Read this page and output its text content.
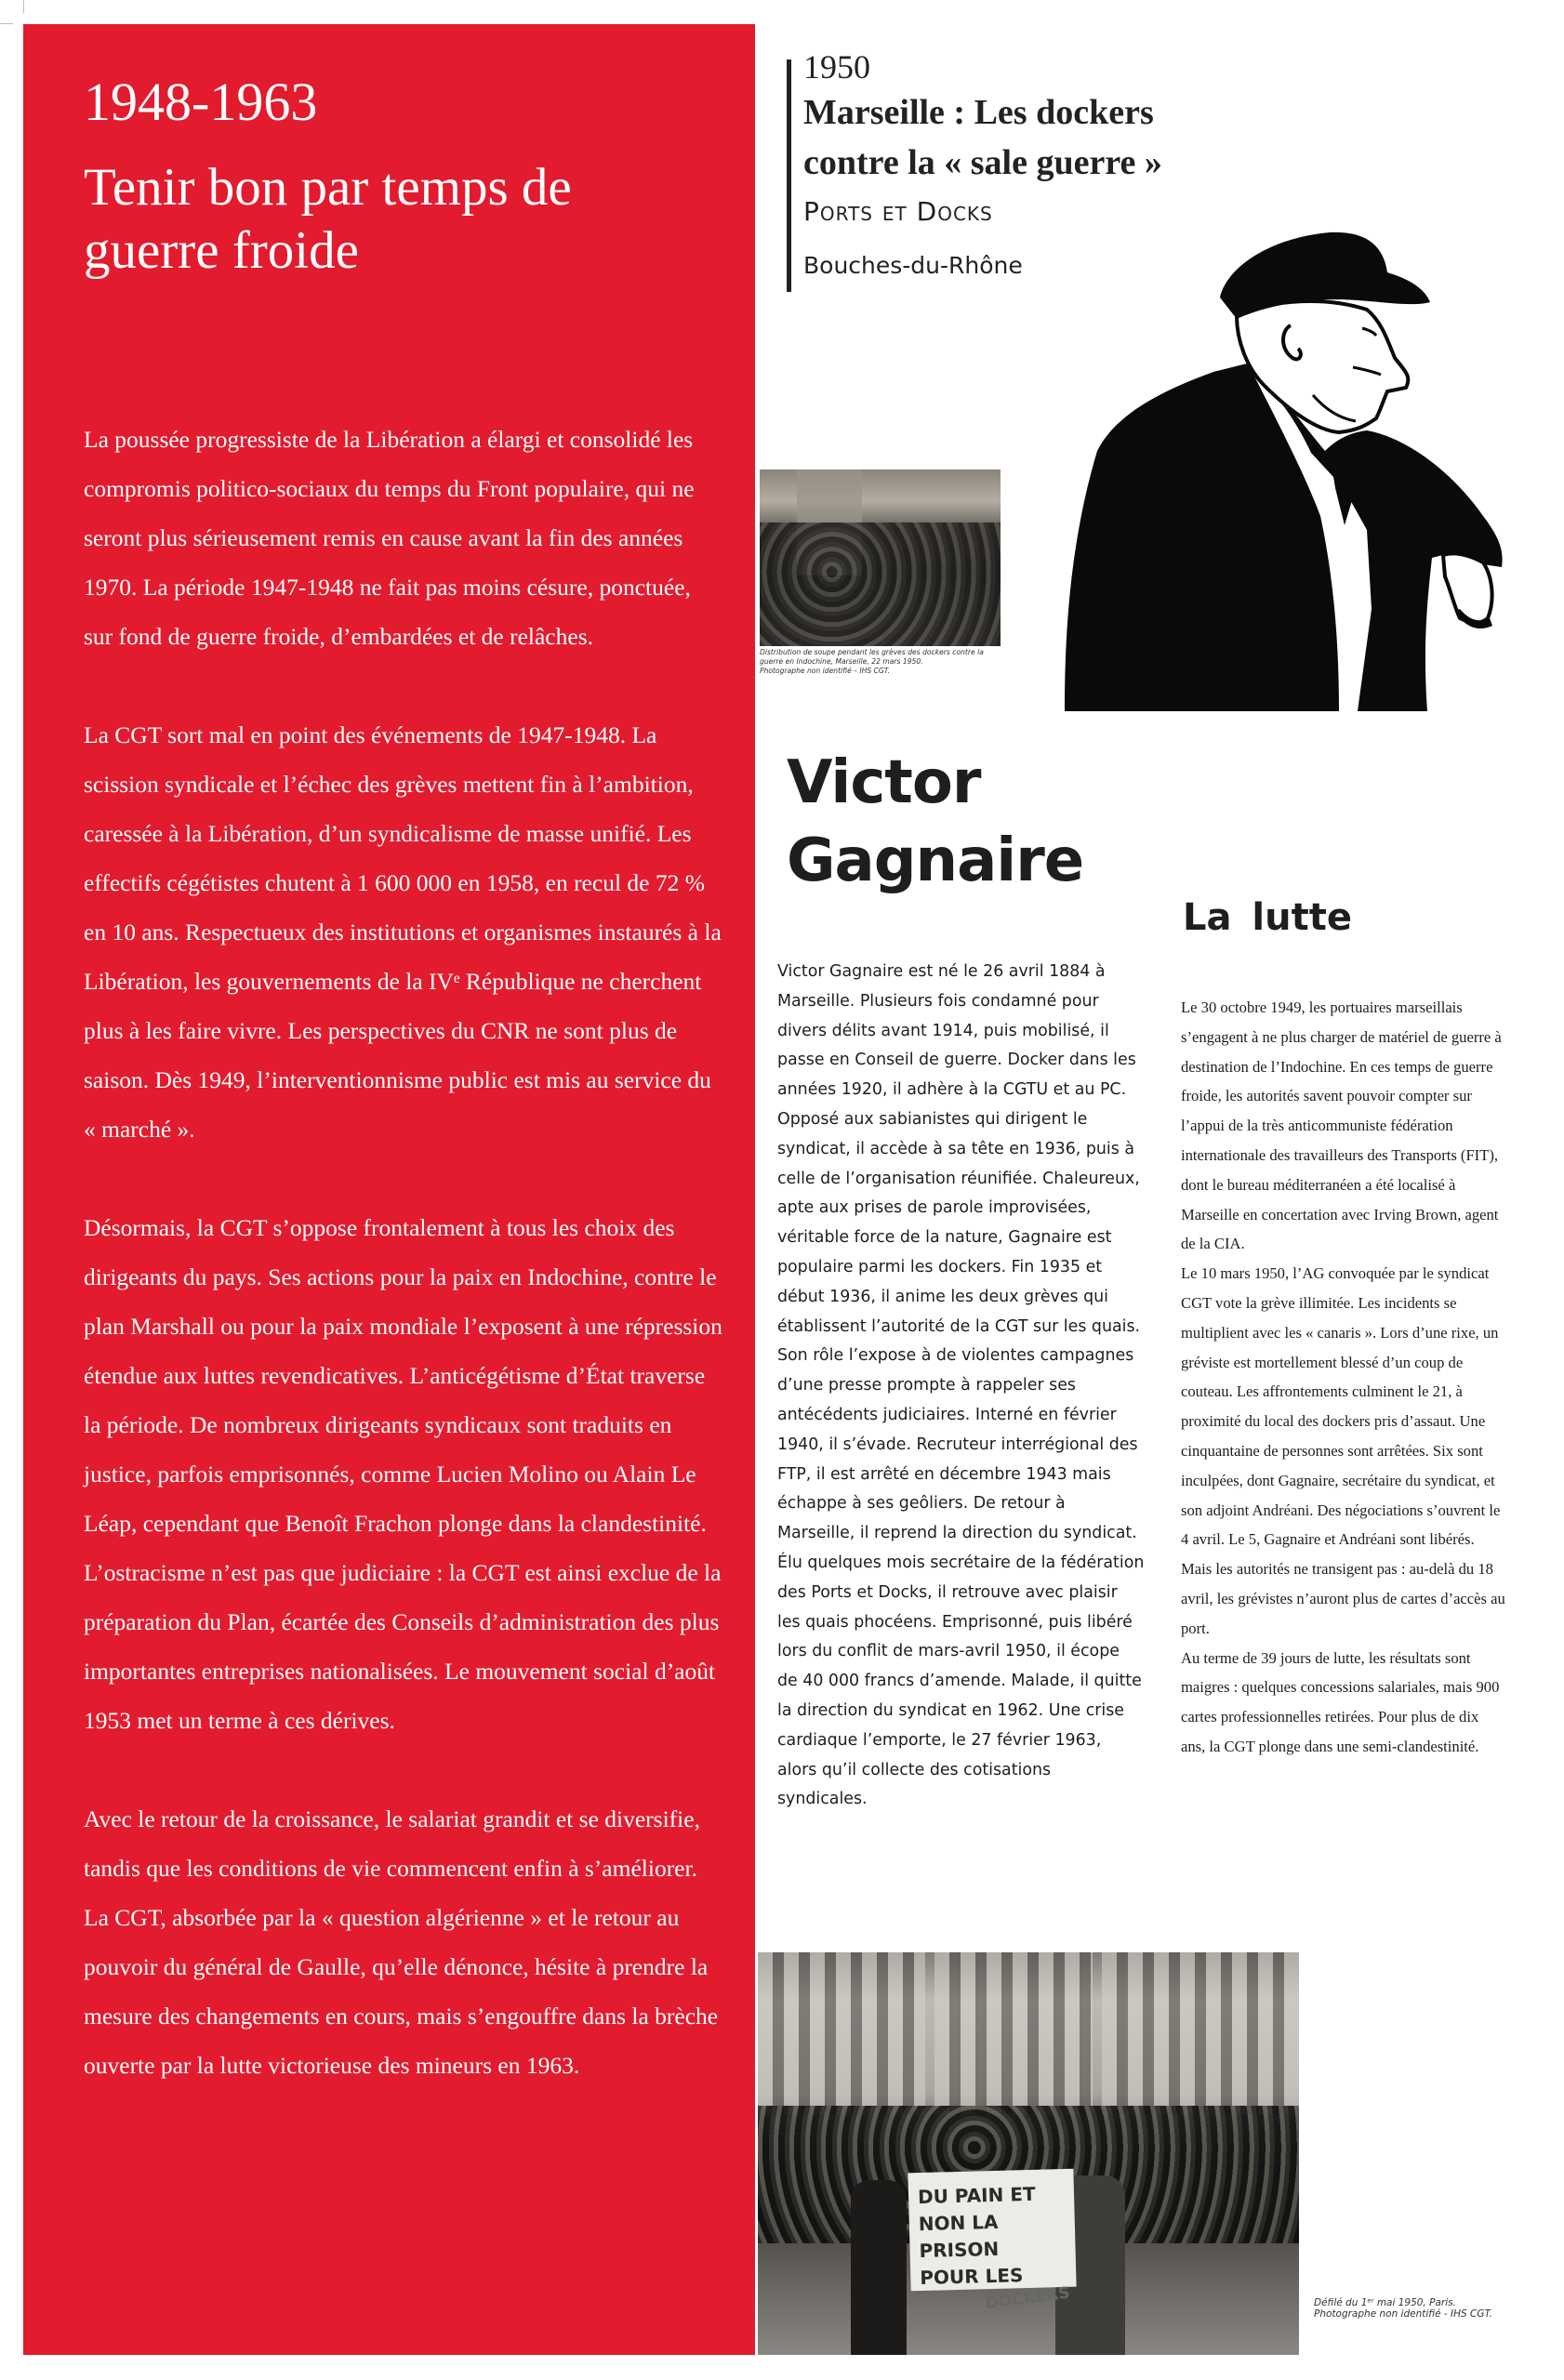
1948-1963
Tenir bon par temps de guerre froide

La poussée progressiste de la Libération a élargi et consolidé les compromis politico-sociaux du temps du Front populaire, qui ne seront plus sérieusement remis en cause avant la fin des années 1970. La période 1947-1948 ne fait pas moins césure, ponctuée, sur fond de guerre froide, d’embardées et de relâches.

La CGT sort mal en point des événements de 1947-1948. La scission syndicale et l’échec des grèves mettent fin à l’ambition, caressée à la Libération, d’un syndicalisme de masse unifié. Les effectifs cégétistes chutent à 1 600 000 en 1958, en recul de 72 % en 10 ans. Respectueux des institutions et organismes instaurés à la Libération, les gouvernements de la IVᵉ République ne cherchent plus à les faire vivre. Les perspectives du CNR ne sont plus de saison. Dès 1949, l’interventionnisme public est mis au service du « marché ».

Désormais, la CGT s’oppose frontalement à tous les choix des dirigeants du pays. Ses actions pour la paix en Indochine, contre le plan Marshall ou pour la paix mondiale l’exposent à une répression étendue aux luttes revendicatives. L’anticégétisme d’État traverse la période. De nombreux dirigeants syndicaux sont traduits en justice, parfois emprisonnés, comme Lucien Molino ou Alain Le Léap, cependant que Benoît Frachon plonge dans la clandestinité. L’ostracisme n’est pas que judiciaire : la CGT est ainsi exclue de la préparation du Plan, écartée des Conseils d’administration des plus importantes entreprises nationalisées. Le mouvement social d’août 1953 met un terme à ces dérives.

Avec le retour de la croissance, le salariat grandit et se diversifie, tandis que les conditions de vie commencent enfin à s’améliorer. La CGT, absorbée par la « question algérienne » et le retour au pouvoir du général de Gaulle, qu’elle dénonce, hésite à prendre la mesure des changements en cours, mais s’engouffre dans la brèche ouverte par la lutte victorieuse des mineurs en 1963.

1950
Marseille : Les dockers contre la « sale guerre »
Ports et Docks
Bouches-du-Rhône
Distribution de soupe pendant les grèves des dockers contre la
guerre en Indochine, Marseille, 22 mars 1950.
Photographe non identifié – IHS CGT.
Victor
Gagnaire

Victor Gagnaire est né le 26 avril 1884 à Marseille. Plusieurs fois condamné pour divers délits avant 1914, puis mobilisé, il passe en Conseil de guerre. Docker dans les années 1920, il adhère à la CGTU et au PC. Opposé aux sabianistes qui dirigent le syndicat, il accède à sa tête en 1936, puis à celle de l’organisation réunifiée. Chaleureux, apte aux prises de parole improvisées, véritable force de la nature, Gagnaire est populaire parmi les dockers. Fin 1935 et début 1936, il anime les deux grèves qui établissent l’autorité de la CGT sur les quais. Son rôle l’expose à de violentes campagnes d’une presse prompte à rappeler ses antécédents judiciaires. Interné en février 1940, il s’évade. Recruteur interrégional des FTP, il est arrêté en décembre 1943 mais échappe à ses geôliers. De retour à Marseille, il reprend la direction du syndicat. Élu quelques mois secrétaire de la fédération des Ports et Docks, il retrouve avec plaisir les quais phocéens. Emprisonné, puis libéré lors du conflit de mars-avril 1950, il écope de 40 000 francs d’amende. Malade, il quitte la direction du syndicat en 1962. Une crise cardiaque l’emporte, le 27 février 1963, alors qu’il collecte des cotisations syndicales.

La lutte

Le 30 octobre 1949, les portuaires marseillais s’engagent à ne plus charger de matériel de guerre à destination de l’Indochine. En ces temps de guerre froide, les autorités savent pouvoir compter sur l’appui de la très anticommuniste fédération internationale des travailleurs des Transports (FIT), dont le bureau méditerranéen a été localisé à Marseille en concertation avec Irving Brown, agent de la CIA.

Le 10 mars 1950, l’AG convoquée par le syndicat CGT vote la grève illimitée. Les incidents se multiplient avec les « canaris ». Lors d’une rixe, un gréviste est mortellement blessé d’un coup de couteau. Les affrontements culminent le 21, à proximité du local des dockers pris d’assaut. Une cinquantaine de personnes sont arrêtées. Six sont inculpées, dont Gagnaire, secrétaire du syndicat, et son adjoint Andréani. Des négociations s’ouvrent le 4 avril. Le 5, Gagnaire et Andréani sont libérés. Mais les autorités ne transigent pas : au-delà du 18 avril, les grévistes n’auront plus de cartes d’accès au port.

Au terme de 39 jours de lutte, les résultats sont maigres : quelques concessions salariales, mais 900 cartes professionnelles retirées. Pour plus de dix ans, la CGT plonge dans une semi-clandestinité.

DU PAIN ET
NON LA PRISON
POUR LES
DOCKERS	Défilé du 1ᵉʳ mai 1950, Paris.
Photographe non identifié - IHS CGT.
